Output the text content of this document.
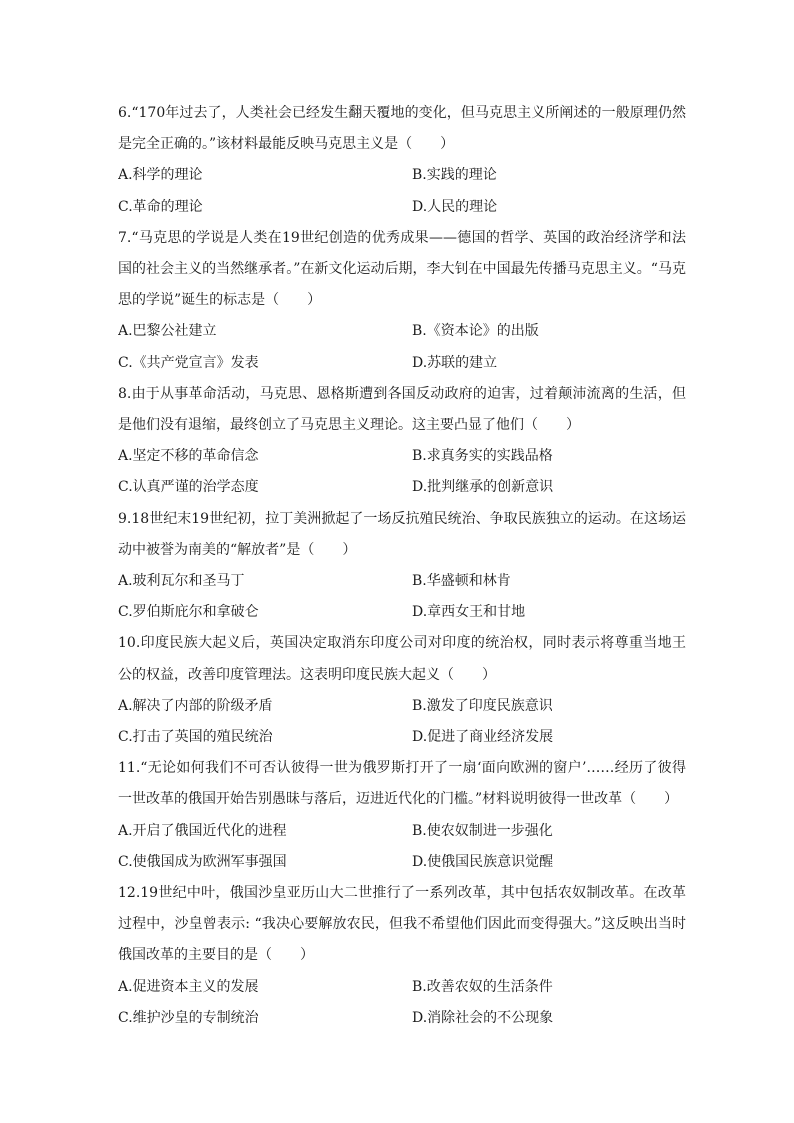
6.“170年过去了，人类社会已经发生翻天覆地的变化，但马克思主义所阐述的一般原理仍然是完全正确的。”该材料最能反映马克思主义是（　　）

A.科学的理论	B.实践的理论
C.革命的理论	D.人民的理论

7.“马克思的学说是人类在19世纪创造的优秀成果——德国的哲学、英国的政治经济学和法国的社会主义的当然继承者。”在新文化运动后期，李大钊在中国最先传播马克思主义。“马克思的学说”诞生的标志是（　　）

A.巴黎公社建立	B.《资本论》的出版
C.《共产党宣言》发表	D.苏联的建立

8.由于从事革命活动，马克思、恩格斯遭到各国反动政府的迫害，过着颠沛流离的生活，但是他们没有退缩，最终创立了马克思主义理论。这主要凸显了他们（　　）

A.坚定不移的革命信念	B.求真务实的实践品格
C.认真严谨的治学态度	D.批判继承的创新意识

9.18世纪末19世纪初，拉丁美洲掀起了一场反抗殖民统治、争取民族独立的运动。在这场运动中被誉为南美的“解放者”是（　　）

A.玻利瓦尔和圣马丁	B.华盛顿和林肯
C.罗伯斯庇尔和拿破仑	D.章西女王和甘地

10.印度民族大起义后，英国决定取消东印度公司对印度的统治权，同时表示将尊重当地王公的权益，改善印度管理法。这表明印度民族大起义（　　）

A.解决了内部的阶级矛盾	B.激发了印度民族意识
C.打击了英国的殖民统治	D.促进了商业经济发展

11.“无论如何我们不可否认彼得一世为俄罗斯打开了一扇‘面向欧洲的窗户’……经历了彼得一世改革的俄国开始告别愚昧与落后，迈进近代化的门槛。”材料说明彼得一世改革（　　）

A.开启了俄国近代化的进程	B.使农奴制进一步强化
C.使俄国成为欧洲军事强国	D.使俄国民族意识觉醒

12.19世纪中叶，俄国沙皇亚历山大二世推行了一系列改革，其中包括农奴制改革。在改革过程中，沙皇曾表示: “我决心要解放农民，但我不希望他们因此而变得强大。”这反映出当时俄国改革的主要目的是（　　）

A.促进资本主义的发展	B.改善农奴的生活条件
C.维护沙皇的专制统治	D.消除社会的不公现象
